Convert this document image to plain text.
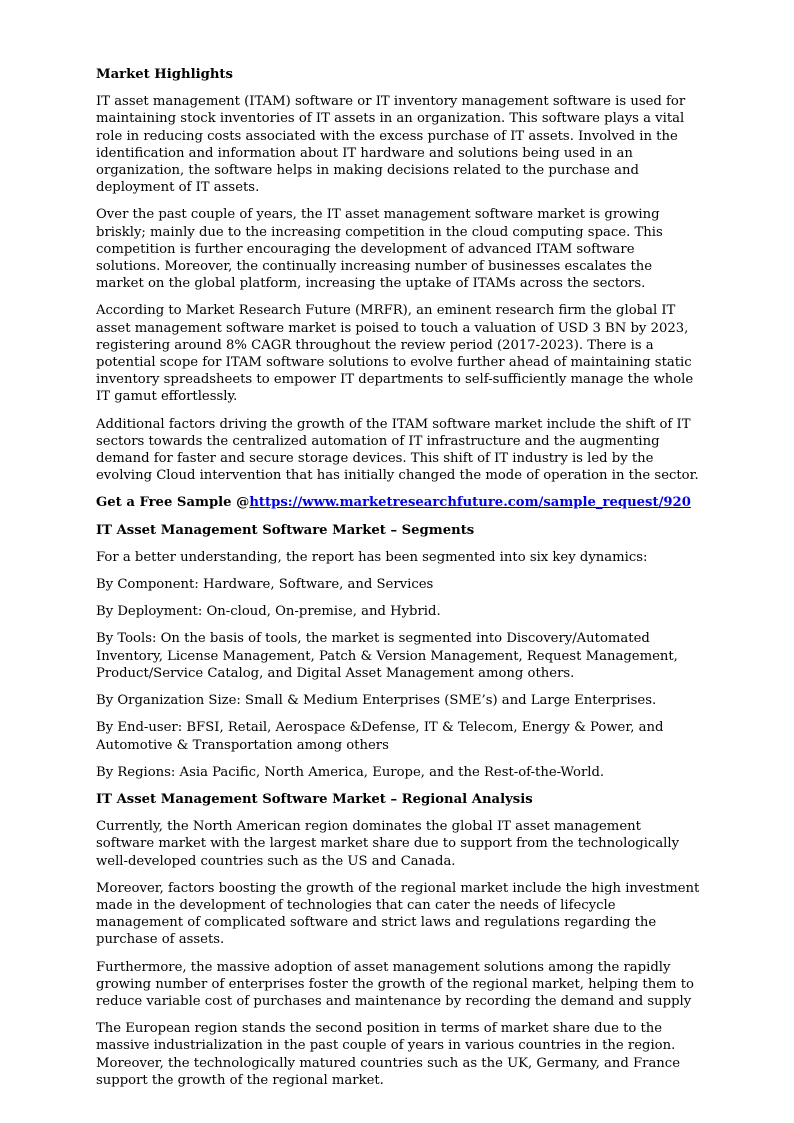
Market Highlights

IT asset management (ITAM) software or IT inventory management software is used for maintaining stock inventories of IT assets in an organization. This software plays a vital role in reducing costs associated with the excess purchase of IT assets. Involved in the identification and information about IT hardware and solutions being used in an organization, the software helps in making decisions related to the purchase and deployment of IT assets.

Over the past couple of years, the IT asset management software market is growing briskly; mainly due to the increasing competition in the cloud computing space. This competition is further encouraging the development of advanced ITAM software solutions. Moreover, the continually increasing number of businesses escalates the market on the global platform, increasing the uptake of ITAMs across the sectors.

According to Market Research Future (MRFR), an eminent research firm the global IT asset management software market is poised to touch a valuation of USD 3 BN by 2023, registering around 8% CAGR throughout the review period (2017-2023). There is a potential scope for ITAM software solutions to evolve further ahead of maintaining static inventory spreadsheets to empower IT departments to self-sufficiently manage the whole IT gamut effortlessly.

Additional factors driving the growth of the ITAM software market include the shift of IT sectors towards the centralized automation of IT infrastructure and the augmenting demand for faster and secure storage devices. This shift of IT industry is led by the evolving Cloud intervention that has initially changed the mode of operation in the sector.

Get a Free Sample @https://www.marketresearchfuture.com/sample_request/920

IT Asset Management Software Market – Segments

For a better understanding, the report has been segmented into six key dynamics:

By Component: Hardware, Software, and Services

By Deployment: On-cloud, On-premise, and Hybrid.

By Tools: On the basis of tools, the market is segmented into Discovery/Automated Inventory, License Management, Patch & Version Management, Request Management, Product/Service Catalog, and Digital Asset Management among others.

By Organization Size: Small & Medium Enterprises (SME’s) and Large Enterprises.

By End-user: BFSI, Retail, Aerospace &Defense, IT & Telecom, Energy & Power, and Automotive & Transportation among others

By Regions: Asia Pacific, North America, Europe, and the Rest-of-the-World.

IT Asset Management Software Market – Regional Analysis

Currently, the North American region dominates the global IT asset management software market with the largest market share due to support from the technologically well-developed countries such as the US and Canada.

Moreover, factors boosting the growth of the regional market include the high investment made in the development of technologies that can cater the needs of lifecycle management of complicated software and strict laws and regulations regarding the purchase of assets.

Furthermore, the massive adoption of asset management solutions among the rapidly growing number of enterprises foster the growth of the regional market, helping them to reduce variable cost of purchases and maintenance by recording the demand and supply

The European region stands the second position in terms of market share due to the massive industrialization in the past couple of years in various countries in the region. Moreover, the technologically matured countries such as the UK, Germany, and France support the growth of the regional market.
